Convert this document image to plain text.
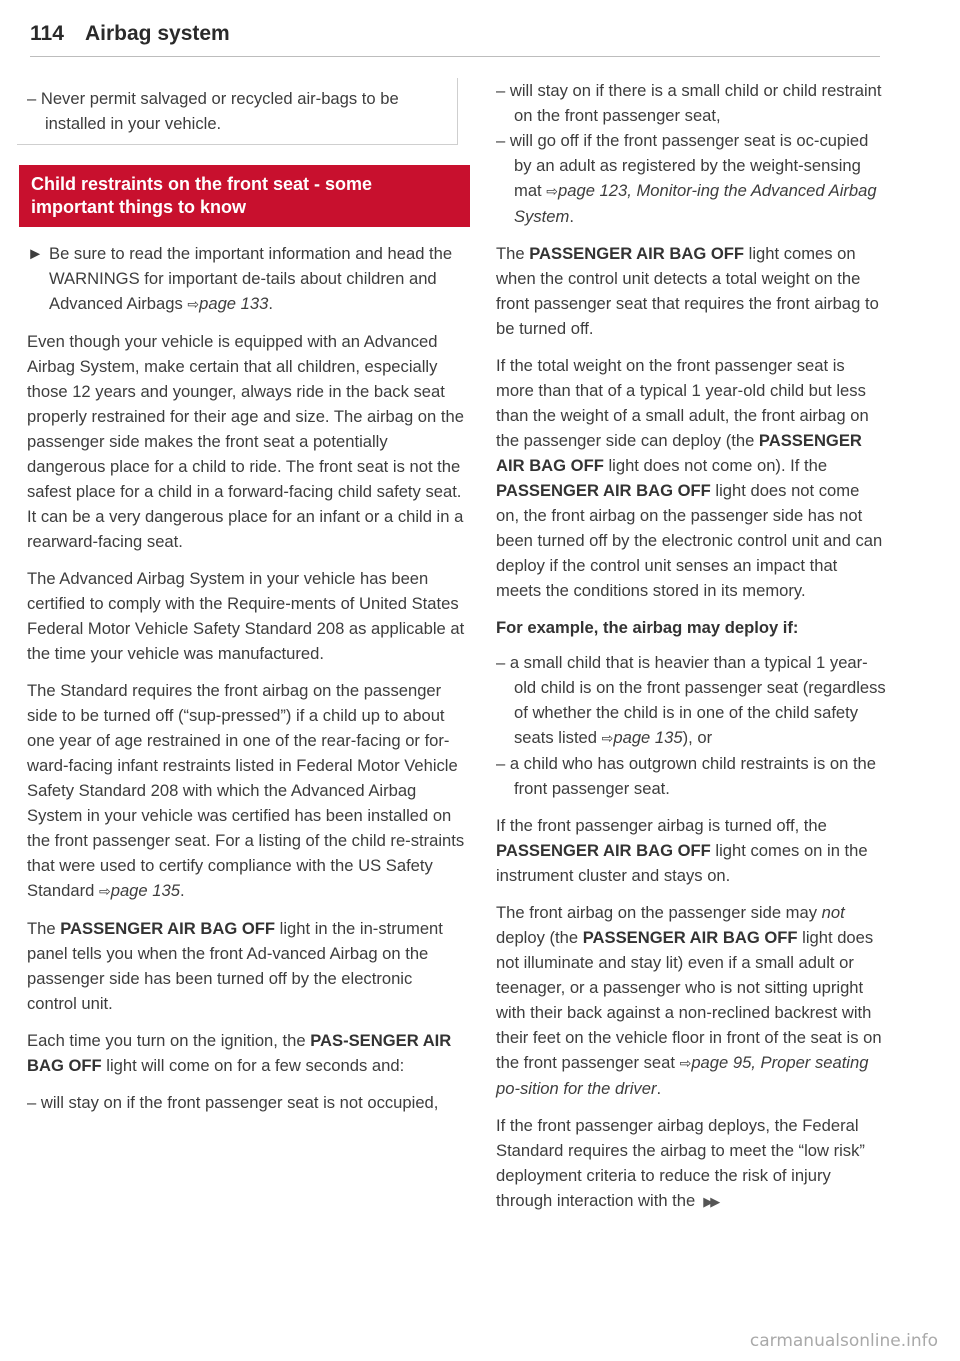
114 Airbag system

– Never permit salvaged or recycled air-bags to be installed in your vehicle.

Child restraints on the front seat - some important things to know

► Be sure to read the important information and head the WARNINGS for important de-tails about children and Advanced Airbags ⇨page 133.

Even though your vehicle is equipped with an Advanced Airbag System, make certain that all children, especially those 12 years and younger, always ride in the back seat properly restrained for their age and size. The airbag on the passenger side makes the front seat a potentially dangerous place for a child to ride. The front seat is not the safest place for a child in a forward-facing child safety seat. It can be a very dangerous place for an infant or a child in a rearward-facing seat.

The Advanced Airbag System in your vehicle has been certified to comply with the Require-ments of United States Federal Motor Vehicle Safety Standard 208 as applicable at the time your vehicle was manufactured.

The Standard requires the front airbag on the passenger side to be turned off (“sup-pressed”) if a child up to about one year of age restrained in one of the rear-facing or for-ward-facing infant restraints listed in Federal Motor Vehicle Safety Standard 208 with which the Advanced Airbag System in your vehicle was certified has been installed on the front passenger seat. For a listing of the child re-straints that were used to certify compliance with the US Safety Standard ⇨page 135.

The PASSENGER AIR BAG OFF light in the in-strument panel tells you when the front Ad-vanced Airbag on the passenger side has been turned off by the electronic control unit.

Each time you turn on the ignition, the PAS-SENGER AIR BAG OFF light will come on for a few seconds and:

– will stay on if the front passenger seat is not occupied,

– will stay on if there is a small child or child restraint on the front passenger seat,

– will go off if the front passenger seat is oc-cupied by an adult as registered by the weight-sensing mat ⇨page 123, Monitor-ing the Advanced Airbag System.

The PASSENGER AIR BAG OFF light comes on when the control unit detects a total weight on the front passenger seat that requires the front airbag to be turned off.

If the total weight on the front passenger seat is more than that of a typical 1 year-old child but less than the weight of a small adult, the front airbag on the passenger side can deploy (the PASSENGER AIR BAG OFF light does not come on). If the PASSENGER AIR BAG OFF light does not come on, the front airbag on the passenger side has not been turned off by the electronic control unit and can deploy if the control unit senses an impact that meets the conditions stored in its memory.

For example, the airbag may deploy if:

– a small child that is heavier than a typical 1 year-old child is on the front passenger seat (regardless of whether the child is in one of the child safety seats listed ⇨page 135), or

– a child who has outgrown child restraints is on the front passenger seat.

If the front passenger airbag is turned off, the PASSENGER AIR BAG OFF light comes on in the instrument cluster and stays on.

The front airbag on the passenger side may not deploy (the PASSENGER AIR BAG OFF light does not illuminate and stay lit) even if a small adult or teenager, or a passenger who is not sitting upright with their back against a non-reclined backrest with their feet on the vehicle floor in front of the seat is on the front passenger seat ⇨page 95, Proper seating po-sition for the driver.

If the front passenger airbag deploys, the Federal Standard requires the airbag to meet the “low risk” deployment criteria to reduce the risk of injury through interaction with the ▶▶

carmanualsonline.info
